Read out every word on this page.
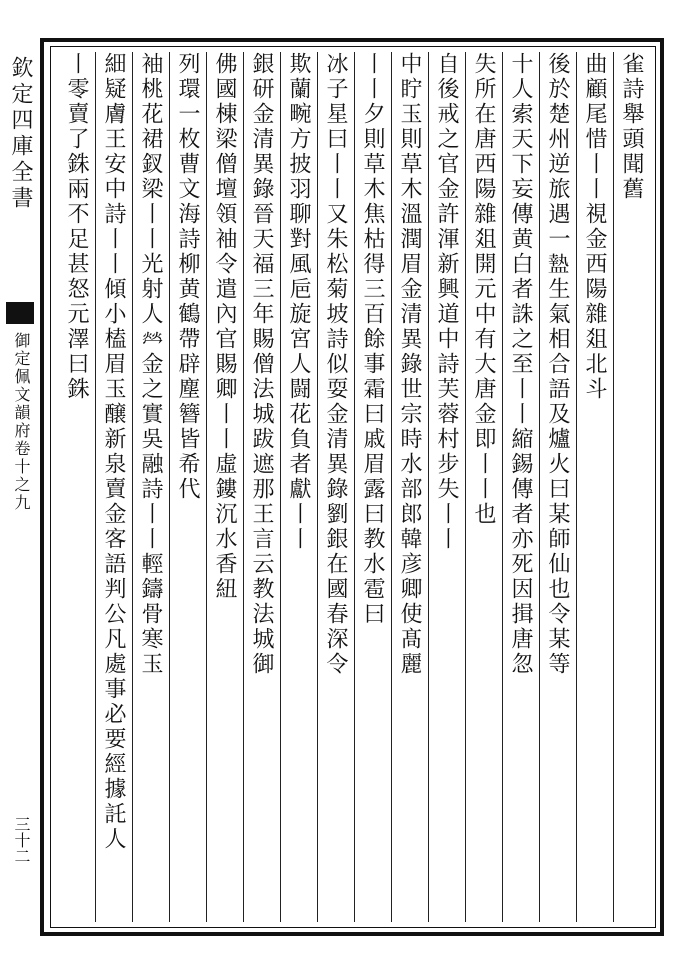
欽定四庫全書
御定佩文韻府卷十之九
三十二
雀詩舉頭聞舊
曲顧尾惜丨丨視金西陽雜爼北斗
後於楚州逆旅遇一𥂕生氣相合語及爐火曰某師仙也令某等
十人索天下妄傳黄白者誅之至丨丨縮錫傳者亦死因揖唐忽
失所在唐西陽雜爼開元中有大唐金即丨丨也
自後戒之官金許渾新興道中詩芙蓉村步失丨丨
中眝玉則草木溫潤眉金清異錄世宗時水部郎韓彦卿使髙麗
丨丨夕則草木焦枯得三百餘事霜曰戚眉露曰教水雹曰
冰子星曰丨丨又朱松菊坡詩似耍金清異錄劉銀在國春深令
欺蘭畹方披羽聊對風巵旋宮人闘花負者獻丨丨
銀研金清異錄晉天福三年賜僧法城跋遮那王言云教法城御
佛國棟梁僧壇領袖令遣內官賜卿丨丨虛鏤沉水香紐
列環一枚曹文海詩柳黄鶴帶辟塵簪皆希代
袖桃花裙釵梁丨丨光射人𤇾金之實吳融詩丨丨輕鑄骨寒玉
細疑膚王安中詩丨丨傾小榼眉玉醸新泉賣金客語判公凡處事必要經據託人
丨零賣了銖兩不足甚怒元澤曰銖
